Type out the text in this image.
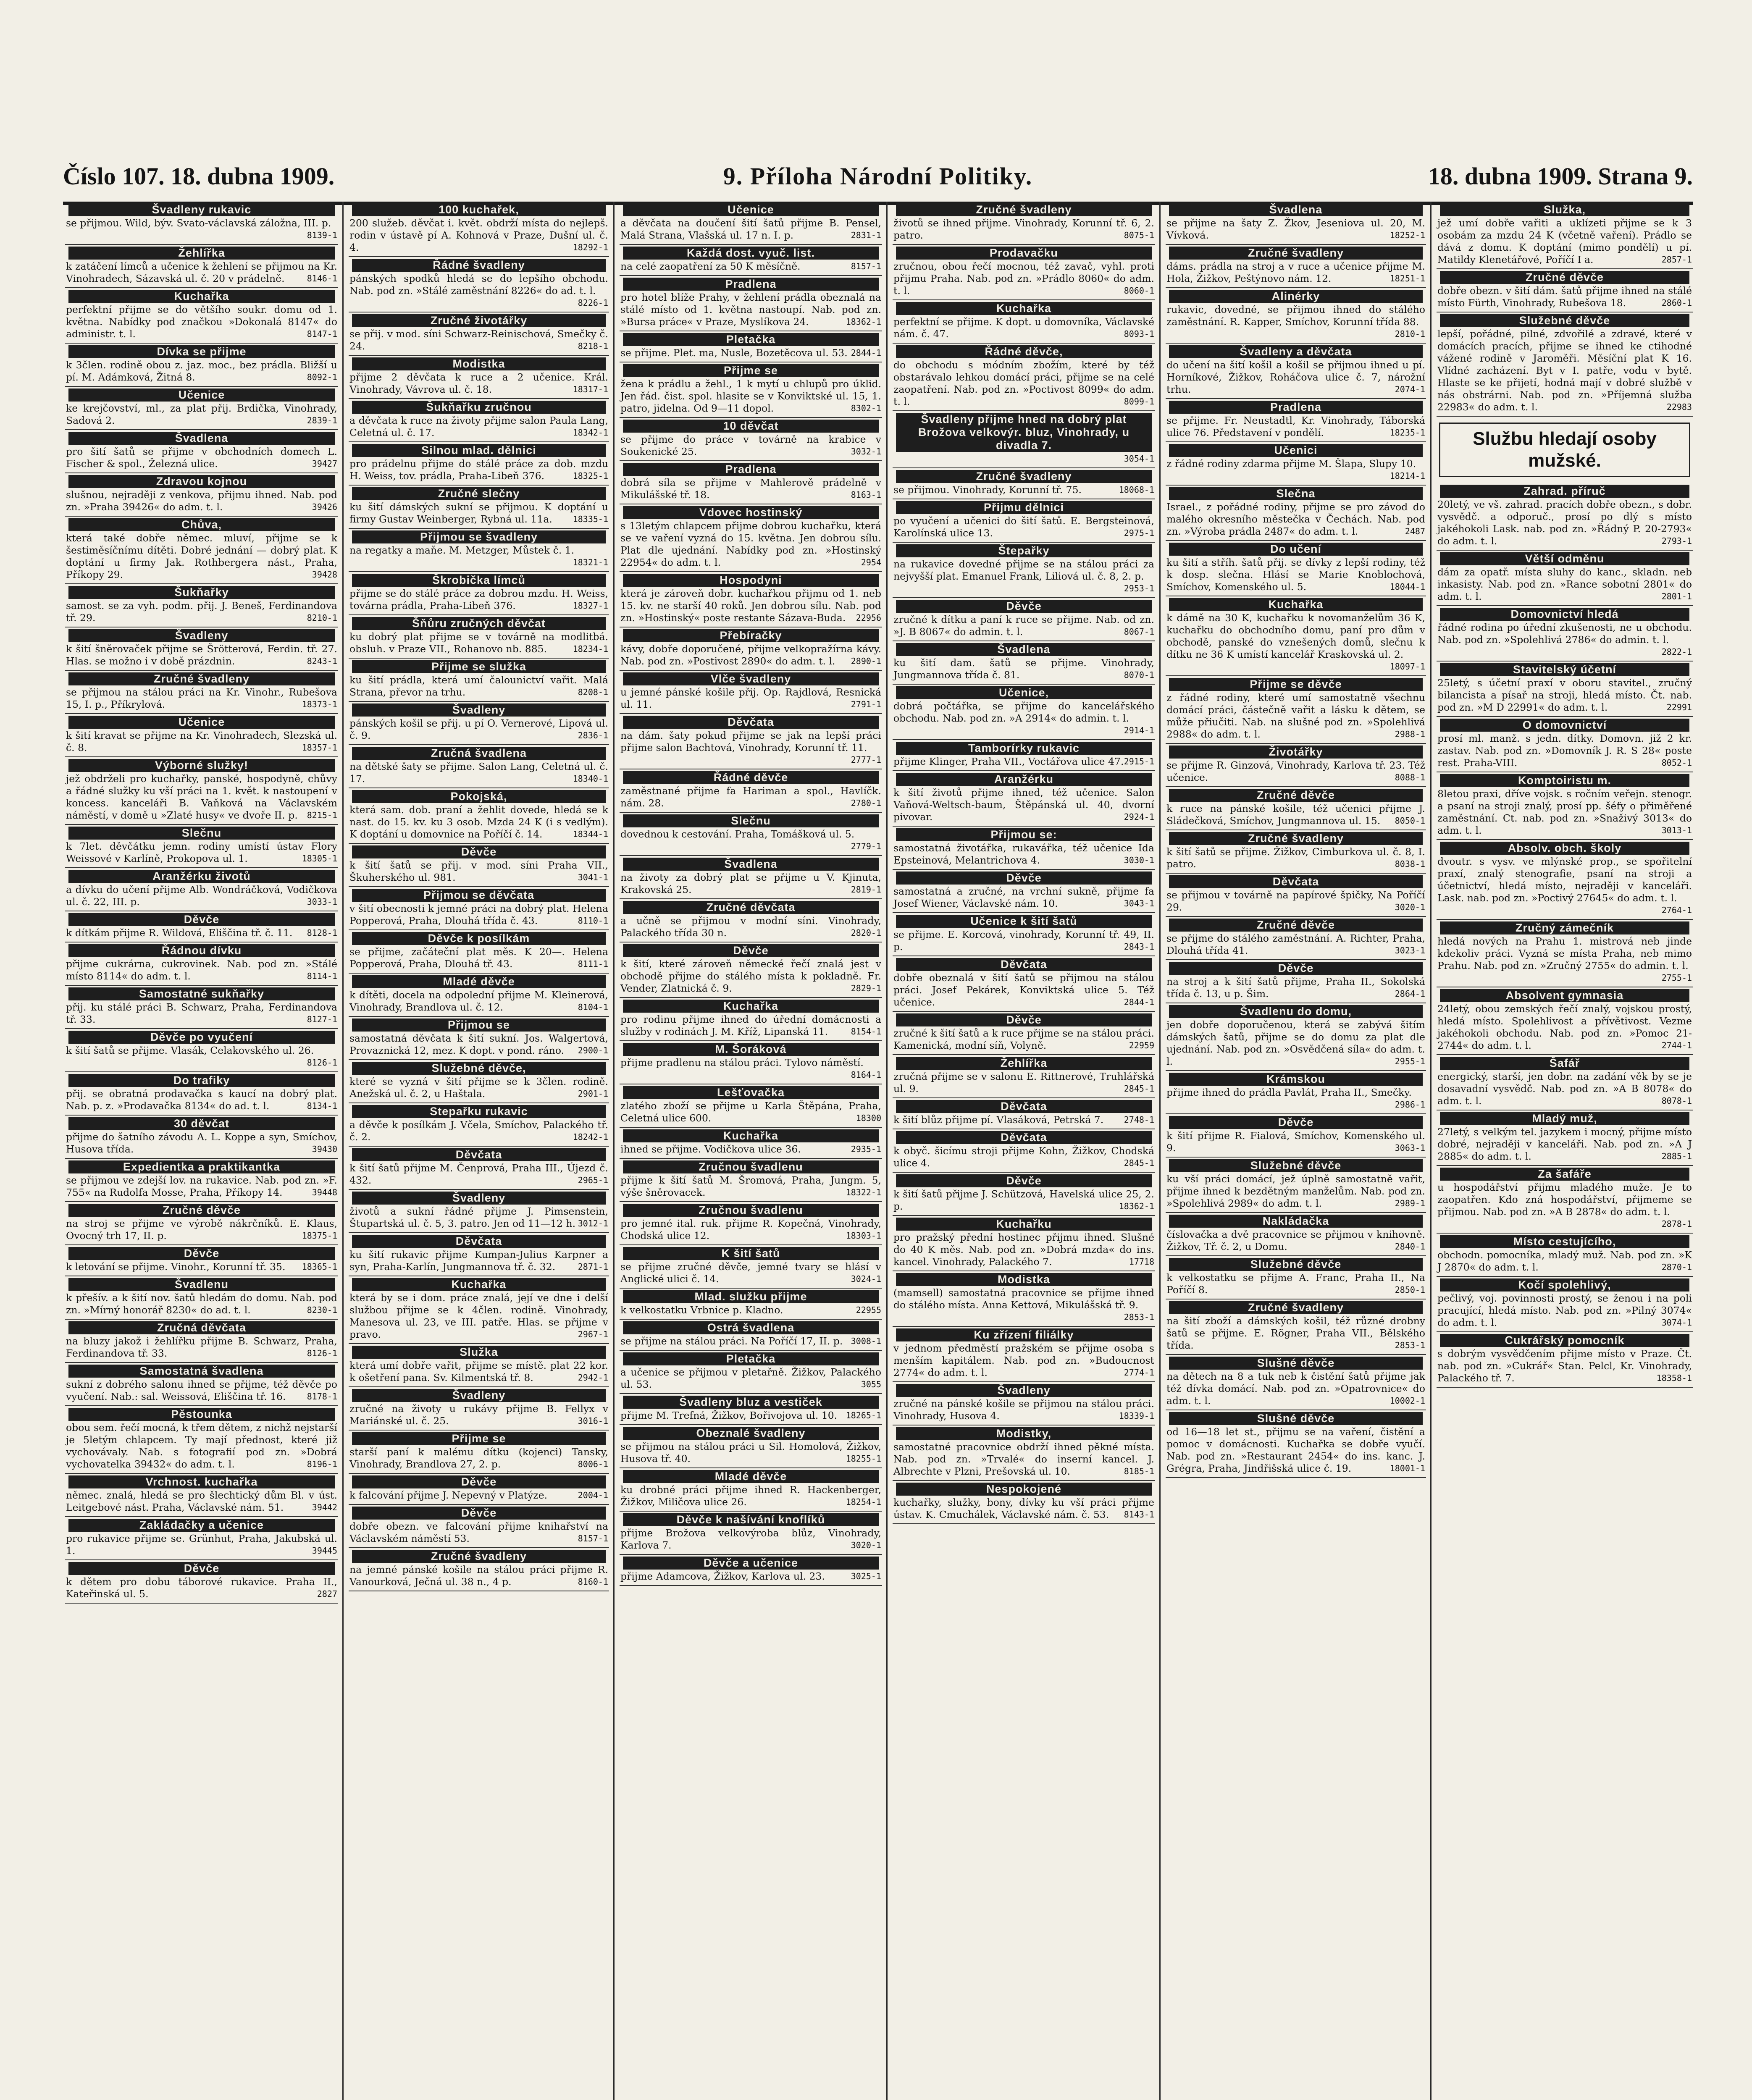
Číslo 107. 18. dubna 1909.	9. Příloha Národní Politiky.	18. dubna 1909. Strana 9.
Švadleny rukavic
se přijmou. Wild, býv. Svato-václavská záložna, III. p.
8139-1
Žehlířka
k zatáčení límců a učenice k žehlení se přijmou na Kr. Vinohradech, Sázavská ul. č. 20 v prádelně.	8146-1
Kuchařka
perfektní přijme se do většího soukr. domu od 1. května. Nabídky pod značkou »Dokonalá 8147« do administr. t. l.	8147-1
Dívka se přijme
k 3člen. rodině obou z. jaz. moc., bez prádla. Bližší u pí. M. Adámková, Žitná 8.	8092-1
Učenice
ke krejčovství, ml., za plat přij. Brdička, Vinohrady, Sadová 2.	2839-1
Švadlena
pro šití šatů se přijme v obchodních domech L. Fischer & spol., Železná ulice.	39427
Zdravou kojnou
slušnou, nejraději z venkova, přijmu ihned. Nab. pod zn. »Praha 39426« do adm. t. l.	39426
Chůva,
která také dobře němec. mluví, přijme se k šestiměsíčnímu dítěti. Dobré jednání — dobrý plat. K doptání u firmy Jak. Rothbergera nást., Praha, Příkopy 29.	39428
Šukňařky
samost. se za vyh. podm. přij. J. Beneš, Ferdinandova tř. 29.	8210-1
Švadleny
k šití šněrovaček přijme se Šrötterová, Ferdin. tř. 27. Hlas. se možno i v době prázdnin.	8243-1
Zručné švadleny
se přijmou na stálou práci na Kr. Vinohr., Rubešova 15, I. p., Příkrylová.	18373-1
Učenice
k šití kravat se přijme na Kr. Vinohradech, Slezská ul. č. 8.	18357-1
Výborné služky!
jež obdrželi pro kuchařky, panské, hospodyně, chůvy a řádné služky ku vší práci na 1. květ. k nastoupení v koncess. kanceláři B. Vaňková na Václavském náměstí, v domě u »Zlaté husy« ve dvoře II. p. 8215-1
Slečnu
k 7let. děvčátku jemn. rodiny umístí ústav Flory Weissové v Karlíně, Prokopova ul. 1.	18305-1
Aranžérku životů
a dívku do učení přijme Alb. Wondráčková, Vodičkova ul. č. 22, III. p.	3033-1
Děvče
k dítkám přijme R. Wildová, Eliščina tř. č. 11. 8128-1
Řádnou dívku
přijme cukrárna, cukrovinek. Nab. pod zn. »Stálé místo 8114« do adm. t. l.	8114-1
Samostatné sukňařky
přij. ku stálé práci B. Schwarz, Praha, Ferdinandova tř. 33.	8127-1
Děvče po vyučení
k šití šatů se přijme. Vlasák, Celakovského ul. 26.
8126-1
Do trafiky
přij. se obratná prodavačka s kaucí na dobrý plat. Nab. p. z. »Prodavačka 8134« do ad. t. l.	8134-1
30 děvčat
přijme do šatního závodu A. L. Koppe a syn, Smíchov, Husova třída.	39430
Expedientka a praktikantka
se přijmou ve zdejší lov. na rukavice. Nab. pod zn. »F. 755« na Rudolfa Mosse, Praha, Příkopy 14.	39448
Zručné děvče
na stroj se přijme ve výrobě nákrčníků. E. Klaus, Ovocný trh 17, II. p.	18375-1
Děvče
k letování se přijme. Vinohr., Korunní tř. 35. 18365-1
Švadlenu
k přešív. a k šití nov. šatů hledám do domu. Nab. pod zn. »Mírný honorář 8230« do ad. t. l.	8230-1
Zručná děvčata
na bluzy jakož i žehlířku přijme B. Schwarz, Praha, Ferdinandova tř. 33.	8126-1
Samostatná švadlena
sukní z dobrého salonu ihned se přijme, též děvče po vyučení. Nab.: sal. Weissová, Eliščina tř. 16.	8178-1
Pěstounka
obou sem. řečí mocná, k třem dětem, z nichž nejstarší je 5letým chlapcem. Ty mají přednost, které již vychovávaly. Nab. s fotografií pod zn. »Dobrá vychovatelka 39432« do adm. t. l.	8196-1
Vrchnost. kuchařka
němec. znalá, hledá se pro šlechtický dům Bl. v úst. Leitgebové nást. Praha, Václavské nám. 51.	39442
Zakládačky a učenice
pro rukavice přijme se. Grünhut, Praha, Jakubská ul. 1.	39445
Děvče
k dětem pro dobu táborové rukavice. Praha II., Kateřinská ul. 5.	2827
100 kuchařek,
200 služeb. děvčat i. květ. obdrží místa do nejlepš. rodin v ústavě pí A. Kohnová v Praze, Dušní ul. č. 4.	18292-1
Řádné švadleny
pánských spodků hledá se do lepšího obchodu. Nab. pod zn. »Stálé zaměstnání 8226« do ad. t. l.
8226-1
Zručné životářky
se přij. v mod. síni Schwarz-Reinischová, Smečky č. 24.	8218-1
Modistka
přijme 2 děvčata k ruce a 2 učenice. Král. Vinohrady, Vávrova ul. č. 18.	18317-1
Šukňařku zručnou
a děvčata k ruce na životy přijme salon Paula Lang, Celetná ul. č. 17.	18342-1
Silnou mlad. dělnici
pro prádelnu přijme do stálé práce za dob. mzdu H. Weiss, tov. prádla, Praha-Libeň 376.	18325-1
Zručné slečny
ku šití dámských sukní se přijmou. K doptání u firmy Gustav Weinberger, Rybná ul. 11a. 18335-1
Přijmou se švadleny
na regatky a maňe. M. Metzger, Můstek č. 1.
18321-1
Škrobička límců
přijme se do stálé práce za dobrou mzdu. H. Weiss, továrna prádla, Praha-Libeň 376.	18327-1
Šňůru zručných děvčat
ku dobrý plat přijme se v továrně na modlitbá. obsluh. v Praze VII., Rohanovo nb. 885.	18234-1
Přijme se služka
ku šití prádla, která umí čalounictví vařit. Malá Strana, převor na trhu.	8208-1
Švadleny
pánských košil se přij. u pí O. Vernerové, Lipová ul. č. 9.	2836-1
Zručná švadlena
na dětské šaty se přijme. Salon Lang, Celetná ul. č. 17.	18340-1
Pokojská,
která sam. dob. praní a žehlit dovede, hledá se k nast. do 15. kv. ku 3 osob. Mzda 24 K (i s vedlým). K doptání u domovnice na Poříčí č. 14.	18344-1
Děvče
k šití šatů se přij. v mod. síni Praha VII., Škuherského ul. 981.	3041-1
Přijmou se děvčata
v šití obecnosti k jemné práci na dobrý plat. Helena Popperová, Praha, Dlouhá třída č. 43.	8110-1
Děvče k posílkám
se přijme, začáteční plat měs. K 20—. Helena Popperová, Praha, Dlouhá tř. 43.	8111-1
Mladé děvče
k dítěti, docela na odpolední přijme M. Kleinerová, Vinohrady, Brandlova ul. č. 12.	8104-1
Přijmou se
samostatná děvčata k šití sukní. Jos. Walgertová, Provaznická 12, mez. K dopt. v pond. ráno. 2900-1
Služebné děvče,
které se vyzná v šití přijme se k 3člen. rodině. Anežská ul. č. 2, u Haštala.	2901-1
Stepařku rukavic
a děvče k posílkám J. Včela, Smíchov, Palackého tř. č. 2.	18242-1
Děvčata
k šití šatů přijme M. Čenprová, Praha III., Újezd č. 432.	2965-1
Švadleny
životů a sukní řádné přijme J. Pimsenstein, Štupartská ul. č. 5, 3. patro. Jen od 11—12 h. 3012-1
Děvčata
ku šití rukavic přijme Kumpan-Julius Karpner a syn, Praha-Karlín, Jungmannova tř. č. 32.	2871-1
Kuchařka
která by se i dom. práce znalá, její ve dne i delší službou přijme se k 4člen. rodině. Vinohrady, Manesova ul. 23, ve III. patře. Hlas. se přijme v pravo.	2967-1
Služka
která umí dobře vařit, přijme se místě. plat 22 kor. k ošetření pana. Sv. Kilmentská tř. 8.	2942-1
Švadleny
zručné na životy u rukávy přijme B. Fellyx v Mariánské ul. č. 25.	3016-1
Přijme se
starší paní k malému dítku (kojenci) Tansky, Vinohrady, Brandlova 27, 2. p.	8006-1
Děvče
k falcování přijme J. Nepevný v Platýze.	2004-1
Děvče
dobře obezn. ve falcování přijme knihařství na Václavském náměstí 53.	8157-1
Zručné švadleny
na jemné pánské košile na stálou práci přijme R. Vanourková, Ječná ul. 38 n., 4 p.	8160-1
Učenice
a děvčata na doučení šití šatů přijme B. Pensel, Malá Strana, Vlašská ul. 17 n. I. p.	2831-1
Každá dost. vyuč. list.
na celé zaopatření za 50 K měsíčně.	8157-1
Pradlena
pro hotel blíže Prahy, v žehlení prádla obeznalá na stálé místo od 1. května nastoupí. Nab. pod zn. »Bursa práce« v Praze, Myslíkova 24.	18362-1
Pletačka
se přijme. Plet. ma, Nusle, Bozetěcova ul. 53. 2844-1
Přijme se
žena k prádlu a žehl., 1 k mytí u chlupů pro úklid. Jen řád. čist. spol. hlasite se v Konviktské ul. 15, 1. patro, jidelna. Od 9—11 dopol.	8302-1
10 děvčat
se přijme do práce v továrně na krabice v Soukenické 25.	3032-1
Pradlena
dobrá síla se přijme v Mahlerově prádelně v Mikulášské tř. 18.	8163-1
Vdovec hostinský
s 13letým chlapcem přijme dobrou kuchařku, která se ve vaření vyzná do 15. května. Jen dobrou sílu. Plat dle ujednání. Nabídky pod zn. »Hostinský 22954« do adm. t. l.	2954
Hospodyni
která je zároveň dobr. kuchařkou přijmu od 1. neb 15. kv. ne starší 40 roků. Jen dobrou sílu. Nab. pod zn. »Hostinský« poste restante Sázava-Buda. 22956
Přebíračky
kávy, dobře doporučené, přijme velkopražírna kávy. Nab. pod zn. »Postivost 2890« do adm. t. l. 2890-1
Vlče švadleny
u jemné pánské košile přij. Op. Rajdlová, Resnická ul. 11.	2791-1
Děvčata
na dám. šaty pokud přijme se jak na lepší práci přijme salon Bachtová, Vinohrady, Korunní tř. 11.
2777-1
Řádné děvče
zaměstnané přijme fa Hariman a spol., Havlíčk. nám. 28.	2780-1
Slečnu
dovednou k cestování. Praha, Tomášková ul. 5.
2779-1
Švadlena
na životy za dobrý plat se přijme u V. Kjinuta, Krakovská 25.	2819-1
Zručné děvčata
a učně se přijmou v modní síni. Vinohrady, Palackého třída 30 n.	2820-1
Děvče
k šití, které zároveň německé řečí znalá jest v obchodě přijme do stálého místa k pokladně. Fr. Vender, Zlatnická č. 9.	2829-1
Kuchařka
pro rodinu přijme ihned do úřední domácnosti a služby v rodinách J. M. Kříž, Lipanská 11.	8154-1
M. Šoráková
přijme pradlenu na stálou práci. Tylovo náměstí.
8164-1
Lešťovačka
zlatého zboží se přijme u Karla Štěpána, Praha, Celetná ulice 600.	18300
Kuchařka
ihned se přijme. Vodičkova ulice 36.	2935-1
Zručnou švadlenu
přijme k šití šatů M. Šromová, Praha, Jungm. 5, výše šněrovacek.	18322-1
Zručnou švadlenu
pro jemné ital. ruk. přijme R. Kopečná, Vinohrady, Chodská ulice 12.	18303-1
K šití šatů
se přijme zručné děvče, jemné tvary se hlásí v Anglické ulici č. 14.	3024-1
Mlad. služku přijme
k velkostatku Vrbnice p. Kladno.	22955
Ostrá švadlena
se přijme na stálou práci. Na Poříčí 17, II. p. 3008-1
Pletačka
a učenice se přijmou v pletařně. Žižkov, Palackého ul. 53.	3055
Švadleny bluz a vestiček
přijme M. Trefná, Žižkov, Bořivojova ul. 10. 18265-1
Obeznalé švadleny
se přijmou na stálou práci u Sil. Homolová, Žižkov, Husova tř. 40.	18255-1
Mladé děvče
ku drobné práci přijme ihned R. Hackenberger, Žižkov, Miličova ulice 26.	18254-1
Děvče k našívání knoflíků
přijme Brožova velkovýroba blůz, Vinohrady, Karlova 7.	3020-1
Děvče a učenice
přijme Adamcova, Žižkov, Karlova ul. 23.	3025-1
Zručné švadleny
životů se ihned přijme. Vinohrady, Korunní tř. 6, 2. patro.	8075-1
Prodavačku
zručnou, obou řečí mocnou, též zavač, vyhl. proti přijmu Praha. Nab. pod zn. »Prádlo 8060« do adm. t. l.	8060-1
Kuchařka
perfektní se přijme. K dopt. u domovníka, Václavské nám. č. 47.	8093-1
Řádné děvče,
do obchodu s módním zbožím, které by též obstarávalo lehkou domácí práci, přijme se na celé zaopatření. Nab. pod zn. »Poctivost 8099« do adm. t. l.	8099-1
Švadleny přijme hned na dobrý plat Brožova velkovýr. bluz, Vinohrady, u divadla 7.
3054-1
Zručné švadleny
se přijmou. Vinohrady, Korunní tř. 75.	18068-1
Přijmu dělnici
po vyučení a učenici do šití šatů. E. Bergsteinová, Karolínská ulice 13.	2975-1
Štepařky
na rukavice dovedné přijme se na stálou práci za nejvyšší plat. Emanuel Frank, Liliová ul. č. 8, 2. p.
2953-1
Děvče
zručné k dítku a paní k ruce se přijme. Nab. od zn. »J. B 8067« do admin. t. l.	8067-1
Švadlena
ku šití dam. šatů se přijme. Vinohrady, Jungmannova třída č. 81.	8070-1
Učenice,
dobrá počtářka, se přijme do kancelářského obchodu. Nab. pod zn. »A 2914« do admin. t. l.
2914-1
Tamborírky rukavic
přijme Klinger, Praha VII., Voctářova ulice 47. 2915-1
Aranžérku
k šití životů přijme ihned, též učenice. Salon Vaňová-Weltsch-baum, Štěpánská ul. 40, dvorní pivovar.	2924-1
Přijmou se:
samostatná životářka, rukavářka, též učenice Ida Epsteinová, Melantrichova 4.	3030-1
Děvče
samostatná a zručné, na vrchní sukně, přijme fa Josef Wiener, Václavské nám. 10.	3043-1
Učenice k šití šatů
se přijme. E. Korcová, vinohrady, Korunní tř. 49, II. p.	2843-1
Děvčata
dobře obeznalá v šití šatů se přijmou na stálou práci. Josef Pekárek, Konviktská ulice 5. Též učenice.	2844-1
Děvče
zručné k šití šatů a k ruce přijme se na stálou práci. Kamenická, modní síň, Volyně.	22959
Žehlířka
zručná přijme se v salonu E. Rittnerové, Truhlářská ul. 9.	2845-1
Děvčata
k šití blůz přijme pí. Vlasáková, Petrská 7. 2748-1
Děvčata
k obyč. šicímu stroji přijme Kohn, Žižkov, Chodská ulice 4.	2845-1
Děvče
k šití šatů přijme J. Schützová, Havelská ulice 25, 2. p.	18362-1
Kuchařku
pro pražský přední hostinec přijmu ihned. Slušné do 40 K měs. Nab. pod zn. »Dobrá mzda« do ins. kancel. Vinohrady, Palackého 7.	17718
Modistka
(mamsell) samostatná pracovnice se přijme ihned do stálého místa. Anna Kettová, Mikulášská tř. 9.
2853-1
Ku zřízení filiálky
v jednom předměstí pražském se přijme osoba s menším kapitálem. Nab. pod zn. »Budoucnost 2774« do adm. t. l.	2774-1
Švadleny
zručné na pánské košile se přijmou na stálou práci. Vinohrady, Husova 4.	18339-1
Modistky,
samostatné pracovnice obdrží ihned pěkné místa. Nab. pod zn. »Trvalé« do inserní kancel. J. Albrechte v Plzni, Prešovská ul. 10.	8185-1
Nespokojené
kuchařky, služky, bony, dívky ku vší práci přijme ústav. K. Cmuchálek, Václavské nám. č. 53. 8143-1
Švadlena
se přijme na šaty Z. Žkov, Jeseniova ul. 20, M. Vívková.	18252-1
Zručné švadleny
dáms. prádla na stroj a v ruce a učenice přijme M. Hola, Žižkov, Peštýnovo nám. 12.	18251-1
Alinérky
rukavic, dovedné, se přijmou ihned do stálého zaměstnání. R. Kapper, Smíchov, Korunní třída 88.
2810-1
Švadleny a děvčata
do učení na šití košil a košil se přijmou ihned u pí. Horníkové, Žižkov, Roháčova ulice č. 7, nárožní trhu.	2074-1
Pradlena
se přijme. Fr. Neustadtl, Kr. Vinohrady, Táborská ulice 76. Představení v pondělí.	18235-1
Učenici
z řádné rodiny zdarma přijme M. Šlapa, Slupy 10.
18214-1
Slečna
Israel., z pořádné rodiny, přijme se pro závod do malého okresního městečka v Čechách. Nab. pod zn. »Výroba prádla 2487« do adm. t. l.	2487
Do učení
ku šití a stříh. šatů přij. se dívky z lepší rodiny, též k dosp. slečna. Hlásí se Marie Knoblochová, Smíchov, Komenského ul. 5.	18044-1
Kuchařka
k dámě na 30 K, kuchařku k novomanželům 36 K, kuchařku do obchodního domu, paní pro dům v obchodě, panské do vznešených domů, slečnu k dítku ne 36 K umístí kancelář Kraskovská ul. 2.
18097-1
Přijme se děvče
z řádné rodiny, které umí samostatně všechnu domácí práci, částečně vařit a lásku k dětem, se může přiučiti. Nab. na slušné pod zn. »Spolehlivá 2988« do adm. t. l.	2988-1
Životářky
se přijme R. Ginzová, Vinohrady, Karlova tř. 23. Též učenice.	8088-1
Zručné děvče
k ruce na pánské košile, též učenici přijme J. Sládečková, Smíchov, Jungmannova ul. 15. 8050-1
Zručné švadleny
k šití šatů se přijme. Žižkov, Cimburkova ul. č. 8, I. patro.	8038-1
Děvčata
se přijmou v továrně na papírové špičky, Na Poříčí 29.	3020-1
Zručné děvče
se přijme do stálého zaměstnání. A. Richter, Praha, Dlouhá třída 41.	3023-1
Děvče
na stroj a k šití šatů přijme, Praha II., Sokolská třída č. 13, u p. Šim.	2864-1
Švadlenu do domu,
jen dobře doporučenou, která se zabývá šitím dámských šatů, přijme se do domu za plat dle ujednání. Nab. pod zn. »Osvědčená síla« do adm. t. l.	2955-1
Krámskou
přijme ihned do prádla Pavlát, Praha II., Smečky.
2986-1
Děvče
k šití přijme R. Fialová, Smíchov, Komenského ul. 9.	3063-1
Služebné děvče
ku vší práci domácí, jež úplně samostatně vařit, přijme ihned k bezdětným manželům. Nab. pod zn. »Spolehlivá 2989« do adm. t. l.	2989-1
Nakládačka
číslovačka a dvě pracovnice se přijmou v knihovně. Žižkov, Tř. č. 2, u Domu.	2840-1
Služebné děvče
k velkostatku se přijme A. Franc, Praha II., Na Poříčí 8.	2850-1
Zručné švadleny
na šití zboží a dámských košil, též různé drobny šatů se přijme. E. Rögner, Praha VII., Bělského třída.	2853-1
Slušné děvče
na dětech na 8 a tuk neb k čistění šatů přijme jak též dívka domácí. Nab. pod zn. »Opatrovnice« do adm. t. l.	10002-1
Slušné děvče
od 16—18 let st., přijmu se na vaření, čistění a pomoc v domácnosti. Kuchařka se dobře vyučí. Nab. pod zn. »Restaurant 2454« do ins. kanc. J. Grégra, Praha, Jindřišská ulice č. 19.	18001-1
Služka,
jež umí dobře vařiti a uklízeti přijme se k 3 osobám za mzdu 24 K (včetně vaření). Prádlo se dává z domu. K doptání (mimo pondělí) u pí. Matildy Klenetářové, Poříčí I a.	2857-1
Zručné děvče
dobře obezn. v šití dám. šatů přijme ihned na stálé místo Fürth, Vinohrady, Rubešova 18.	2860-1
Služebné děvče
lepší, pořádné, pilné, zdvořilé a zdravé, které v domácích pracích, přijme se ihned ke ctihodné vážené rodině v Jaroměři. Měsíční plat K 16. Vlídné zacházení. Byt v I. patře, vodu v bytě. Hlaste se ke přijetí, hodná mají v dobré službě v nás obstrárni. Nab. pod zn. »Příjemná služba 22983« do adm. t. l.	22983
Službu hledají osoby mužské.
Zahrad. příruč
20letý, ve vš. zahrad. pracích dobře obezn., s dobr. vysvědč. a odporuč., prosí po dlý s místo jakéhokoli Lask. nab. pod zn. »Řádný P. 20-2793« do adm. t. l.	2793-1
Větší odměnu
dám za opatř. místa sluhy do kanc., skladn. neb inkasisty. Nab. pod zn. »Rance sobotní 2801« do adm. t. l.	2801-1
Domovnictví hledá
řádné rodina po úřední zkušenosti, ne u obchodu. Nab. pod zn. »Spolehlivá 2786« do admin. t. l.
2822-1
Stavitelský účetní
25letý, s účetní praxí v oboru stavitel., zručný bilancista a písař na stroji, hledá místo. Čt. nab. pod zn. »M D 22991« do adm. t. l.	22991
O domovnictví
prosí ml. manž. s jedn. dítky. Domovn. již 2 kr. zastav. Nab. pod zn. »Domovník J. R. S 28« poste rest. Praha-VIII.	8052-1
Komptoiristu m.
8letou praxi, dříve vojsk. s ročním veřejn. stenogr. a psaní na stroji znalý, prosí pp. šéfy o přiměřené zaměstnání. Ct. nab. pod zn. »Snaživý 3013« do adm. t. l.	3013-1
Absolv. obch. školy
dvoutr. s vysv. ve mlýnské prop., se spořitelní praxí, znalý stenografie, psaní na stroji a účetnictví, hledá místo, nejraději v kanceláři. Lask. nab. pod zn. »Poctivý 27645« do adm. t. l.
2764-1
Zručný zámečník
hledá nových na Prahu 1. mistrová neb jinde kdekoliv práci. Vyzná se místa Praha, neb mimo Prahu. Nab. pod zn. »Zručný 2755« do admin. t. l.
2755-1
Absolvent gymnasia
24letý, obou zemských řečí znalý, vojskou prostý, hledá místo. Spolehlivost a přívětivost. Vezme jakéhokoli obchodu. Nab. pod zn. »Pomoc 21-2744« do adm. t. l.	2744-1
Šafář
energický, starší, jen dobr. na zadání věk by se je dosavadní vysvědč. Nab. pod zn. »A B 8078« do adm. t. l.	8078-1
Mladý muž,
27letý, s velkým tel. jazykem i mocný, přijme místo dobré, nejraději v kanceláři. Nab. pod zn. »A J 2885« do adm. t. l.	2885-1
Za šafáře
u hospodářství přijmu mladého muže. Je to zaopatřen. Kdo zná hospodářství, přijmeme se přijmou. Nab. pod zn. »A B 2878« do adm. t. l.
2878-1
Místo cestujícího,
obchodn. pomocníka, mladý muž. Nab. pod zn. »K J 2870« do adm. t. l.	2870-1
Kočí spolehlivý,
pečlivý, voj. povinnosti prostý, se ženou i na poli pracující, hledá místo. Nab. pod zn. »Pilný 3074« do adm. t. l.	3074-1
Cukrářský pomocník
s dobrým vysvědčením přijme místo v Praze. Čt. nab. pod zn. »Cukrář« Stan. Pelcl, Kr. Vinohrady, Palackého tř. 7.	18358-1
